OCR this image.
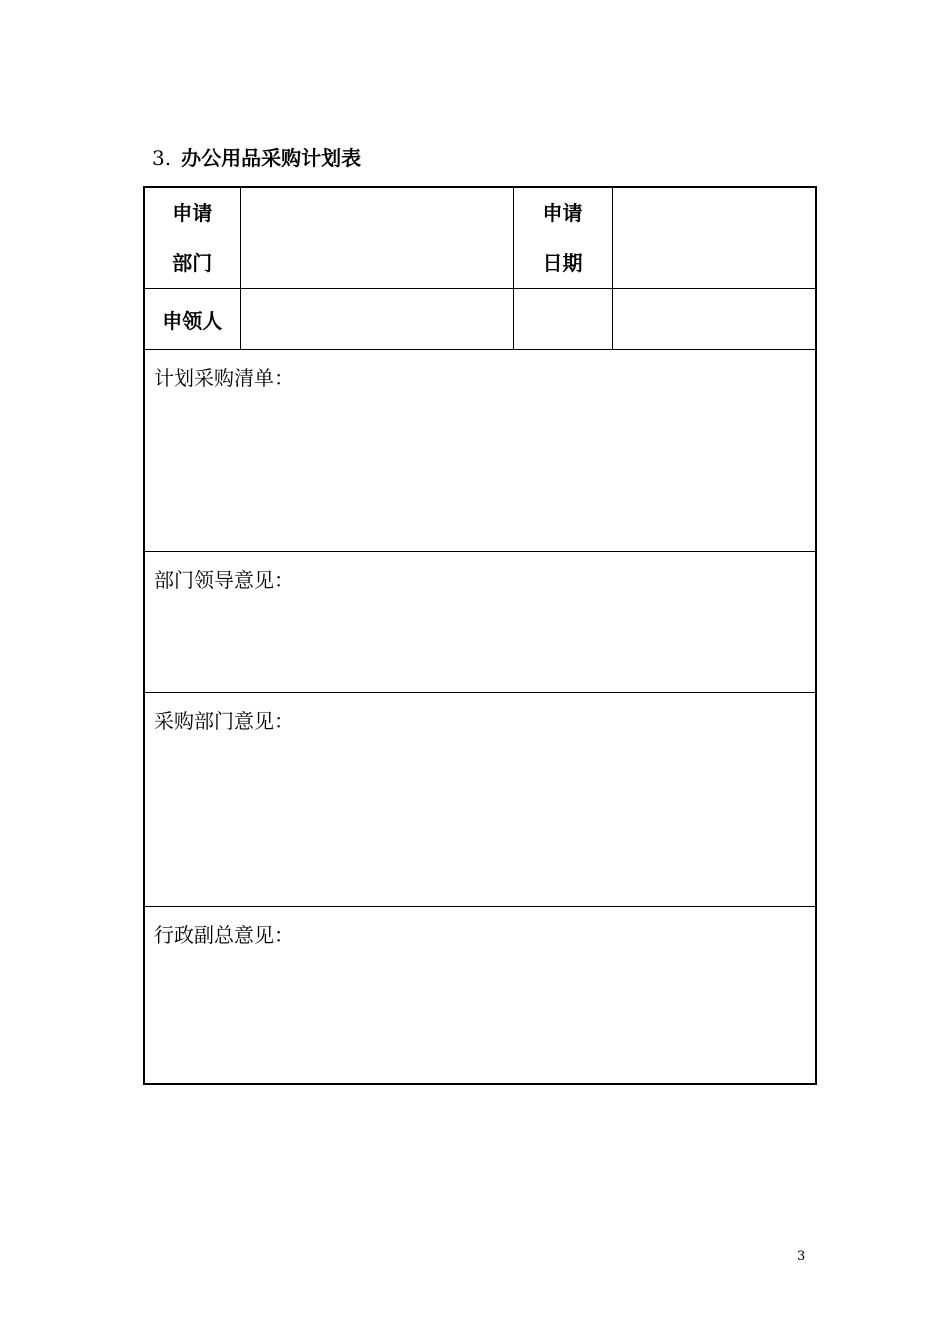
3. 办公用品采购计划表
申请
部门		申请
日期	

申领人			

计划采购清单：			

部门领导意见：			

采购部门意见：			

行政副总意见：			
3
